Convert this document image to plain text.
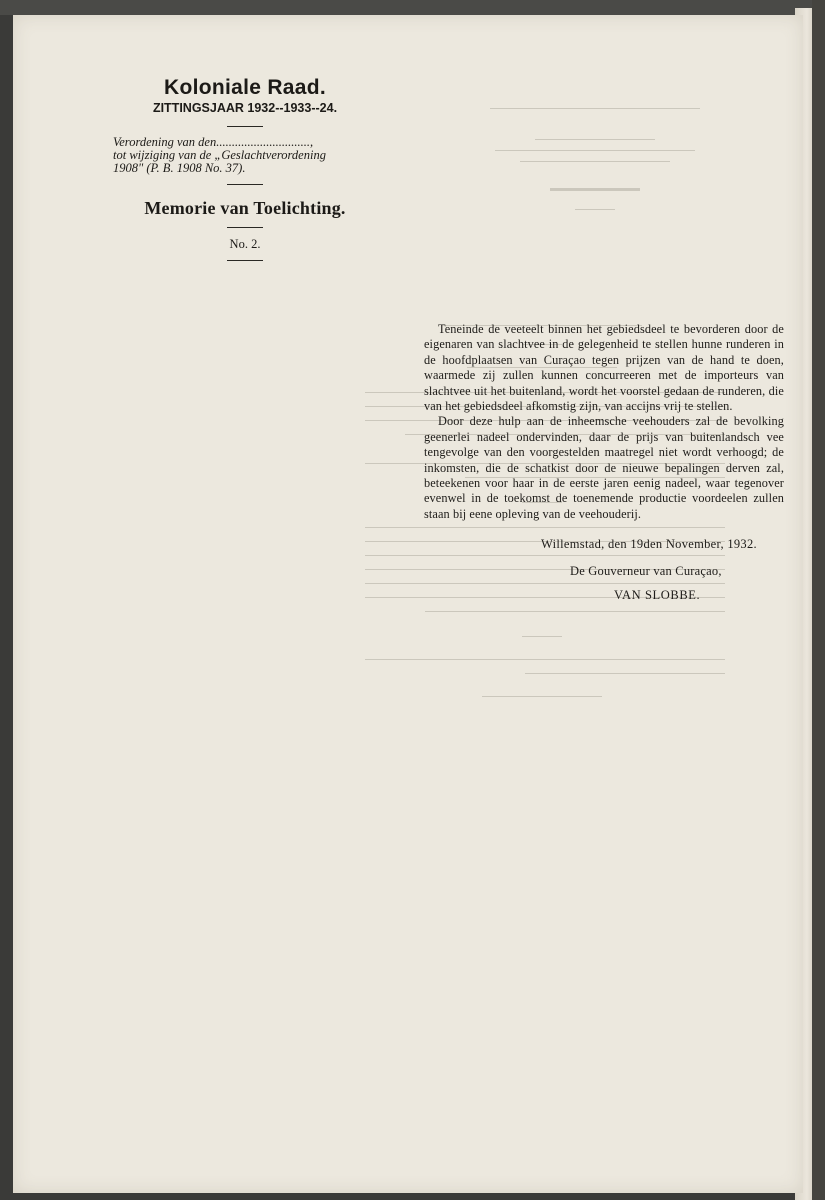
Koloniale Raad.
ZITTINGSJAAR 1932--1933--24.
Verordening van den..............................,
tot wijziging van de „Geslachtverordening
1908" (P. B. 1908 No. 37).
Memorie van Toelichting.
No. 2.

Teneinde de veeteelt binnen het gebiedsdeel te bevorderen door de eigenaren van slachtvee in de gelegenheid te stellen hunne runderen in de hoofdplaatsen van Curaçao tegen prijzen van de hand te doen, waarmede zij zullen kunnen concurreeren met de importeurs van slachtvee uit het buitenland, wordt het voorstel gedaan de runderen, die van het gebiedsdeel afkomstig zijn, van accijns vrij te stellen.

Door deze hulp aan de inheemsche veehouders zal de bevolking geenerlei nadeel ondervinden, daar de prijs van buitenlandsch vee tengevolge van den voorgestelden maatregel niet wordt verhoogd; de inkomsten, die de schatkist door de nieuwe bepalingen derven zal, beteekenen voor haar in de eerste jaren eenig nadeel, waar tegenover evenwel in de toekomst de toenemende productie voordeelen zullen staan bij eene opleving van de veehouderij.

Willemstad, den 19den November, 1932.
De Gouverneur van Curaçao,
VAN SLOBBE.
